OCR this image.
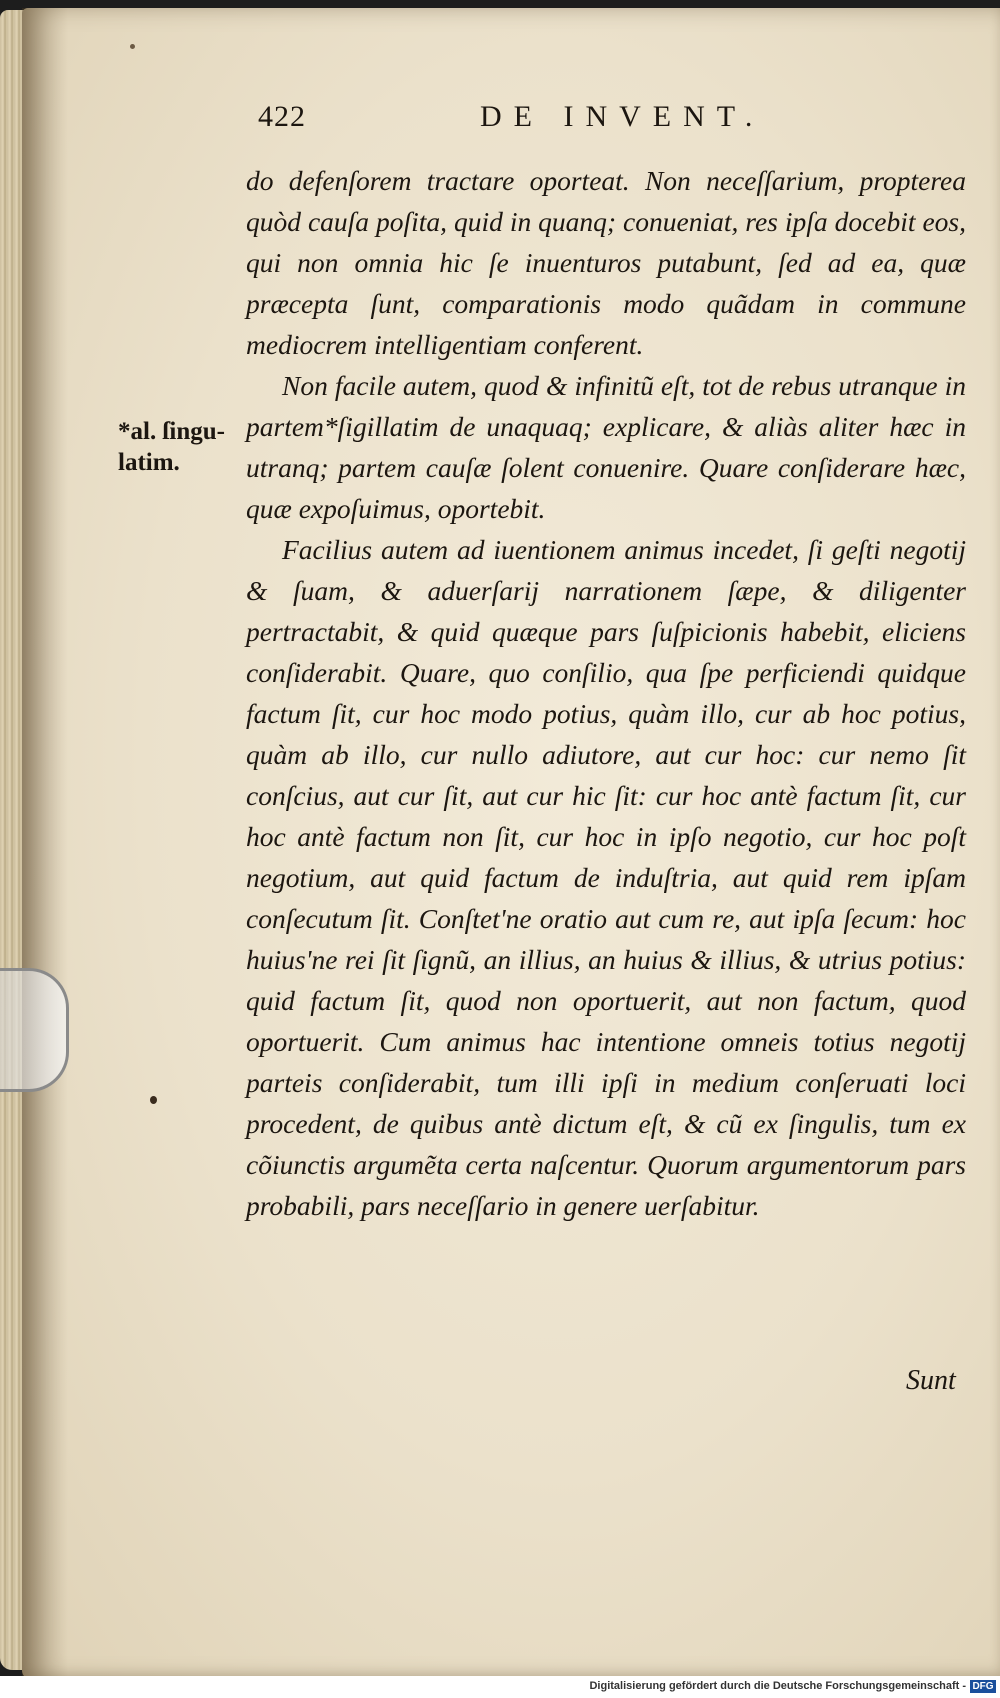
422	DE INVENT.
*al. ſingu-
latim.

do defenſorem tractare oporteat. Non neceſſarium, propterea quòd cauſa poſita, quid in quanq; conueniat, res ipſa docebit eos, qui non omnia hic ſe inuenturos putabunt, ſed ad ea, quæ præcepta ſunt, comparationis modo quãdam in commune mediocrem intelligentiam conferent.

Non facile autem, quod & infinitũ eſt, tot de rebus utranque in partem*ſigillatim de unaquaq; explicare, & aliàs aliter hæc in utranq; partem cauſæ ſolent conuenire. Quare conſiderare hæc, quæ expoſuimus, oportebit.

Facilius autem ad iuentionem animus incedet, ſi geſti negotij & ſuam, & aduerſarij narrationem ſæpe, & diligenter pertractabit, & quid quæque pars ſuſpicionis habebit, eliciens conſiderabit. Quare, quo conſilio, qua ſpe perficiendi quidque factum ſit, cur hoc modo potius, quàm illo, cur ab hoc potius, quàm ab illo, cur nullo adiutore, aut cur hoc: cur nemo ſit conſcius, aut cur ſit, aut cur hic ſit: cur hoc antè factum ſit, cur hoc antè factum non ſit, cur hoc in ipſo negotio, cur hoc poſt negotium, aut quid factum de induſtria, aut quid rem ipſam conſecutum ſit. Conſtet'ne oratio aut cum re, aut ipſa ſecum: hoc huius'ne rei ſit ſignũ, an illius, an huius & illius, & utrius potius: quid factum ſit, quod non oportuerit, aut non factum, quod oportuerit. Cum animus hac intentione omneis totius negotij parteis conſiderabit, tum illi ipſi in medium conſeruati loci procedent, de quibus antè dictum eſt, & cũ ex ſingulis, tum ex cõiunctis argumẽta certa naſcentur. Quorum argumentorum pars probabili, pars neceſſario in genere uerſabitur.

Sunt
Digitalisierung gefördert durch die Deutsche Forschungsgemeinschaft - DFG
